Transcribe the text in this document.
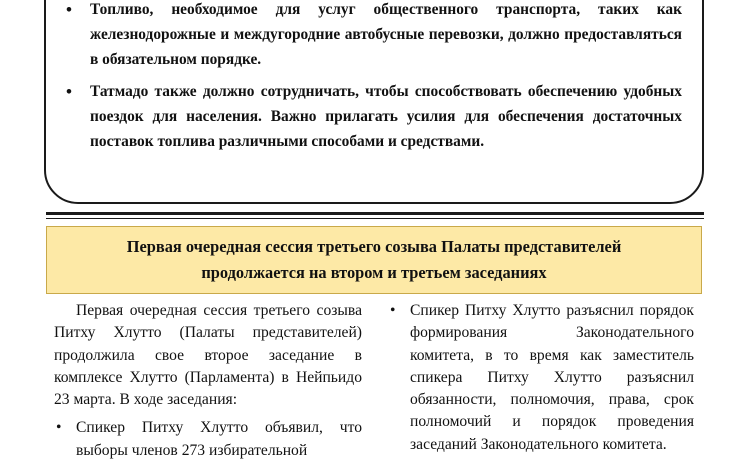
• Топливо, необходимое для услуг общественного транспорта, таких как железнодорожные и междугородние автобусные перевозки, должно предоставляться в обязательном порядке.
• Татмадо также должно сотрудничать, чтобы способствовать обеспечению удобных поездок для населения. Важно прилагать усилия для обеспечения достаточных поставок топлива различными способами и средствами.
Первая очередная сессия третьего созыва Палаты представителей продолжается на втором и третьем заседаниях

Первая очередная сессия третьего созыва Питху Хлутто (Палаты представителей) продолжила свое второе заседание в комплексе Хлутто (Парламента) в Нейпьидо 23 марта. В ходе заседания:

• Спикер Питху Хлутто объявил, что выборы членов 273 избирательной
• Спикер Питху Хлутто разъяснил порядок формирования Законодательного комитета, в то время как заместитель спикера Питху Хлутто разъяснил обязанности, полномочия, права, срок полномочий и порядок проведения заседаний Законодательного комитета.
